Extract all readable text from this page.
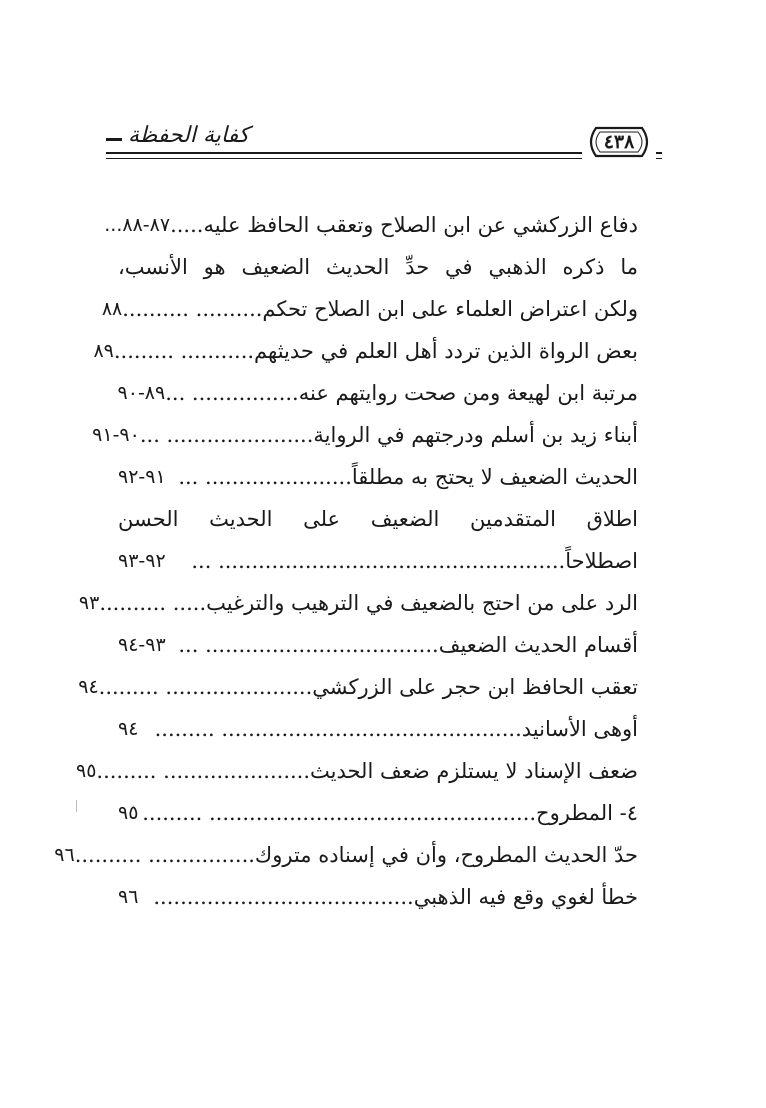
كفاية الحفظة	٤٣٨
دفاع الزركشي عن ابن الصلاح وتعقب الحافظ عليه.....
...٨٧-٨٨
ما ذكره الذهبي في حدِّ الحديث الضعيف هو الأنسب،
ولكن اعتراض العلماء على ابن الصلاح تحكم.......... ..........
٨٨
بعض الرواة الذين تردد أهل العلم في حديثهم........... .........
٨٩
مرتبة ابن لهيعة ومن صحت روايتهم عنه................ ...
٨٩-٩٠
أبناء زيد بن أسلم ودرجتهم في الرواية...................... ...
٩٠-٩١
الحديث الضعيف لا يحتج به مطلقاً...................... ...
٩١-٩٢
اطلاق المتقدمين الضعيف على الحديث الحسن
اصطلاحاً.................................................... ...
٩٢-٩٣
الرد على من احتج بالضعيف في الترهيب والترغيب..... ..........
٩٣
أقسام الحديث الضعيف................................... ...
٩٣-٩٤
تعقب الحافظ ابن حجر على الزركشي...................... .........
٩٤
أوهى الأسانيد............................................. .........
٩٤
ضعف الإسناد لا يستلزم ضعف الحديث...................... .........
٩٥
٤- المطروح................................................. .........
٩٥
حدّ الحديث المطروح، وأن في إسناده متروك................ ..........
٩٦
خطأ لغوي وقع فيه الذهبي.......................................
٩٦
